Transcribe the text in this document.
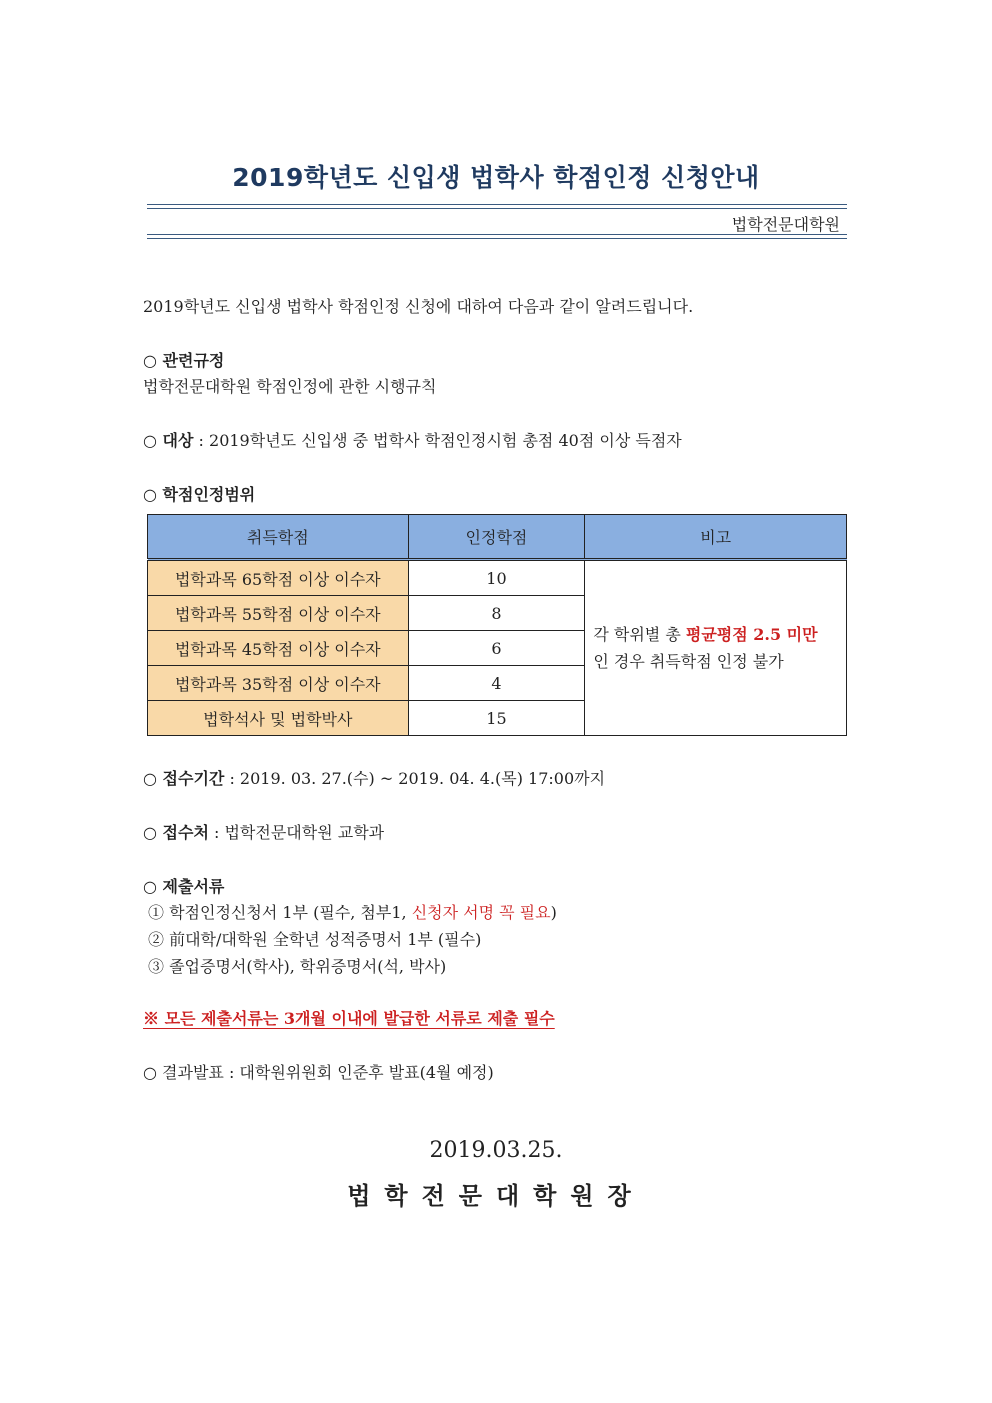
2019학년도 신입생 법학사 학점인정 신청안내
법학전문대학원
2019학년도 신입생 법학사 학점인정 신청에 대하여 다음과 같이 알려드립니다.
○ 관련규정
법학전문대학원 학점인정에 관한 시행규칙
○ 대상 : 2019학년도 신입생 중 법학사 학점인정시험 총점 40점 이상 득점자
○ 학점인정범위
취득학점	인정학점	비고
법학과목 65학점 이상 이수자	10	각 학위별 총 평균평점 2.5 미만
인 경우 취득학점 인정 불가
법학과목 55학점 이상 이수자	8	
법학과목 45학점 이상 이수자	6	
법학과목 35학점 이상 이수자	4	
법학석사 및 법학박사	15	
○ 접수기간 : 2019. 03. 27.(수) ~ 2019. 04. 4.(목) 17:00까지
○ 접수처 : 법학전문대학원 교학과
○ 제출서류
① 학점인정신청서 1부 (필수, 첨부1, 신청자 서명 꼭 필요)
② 前대학/대학원 全학년 성적증명서 1부 (필수)
③ 졸업증명서(학사), 학위증명서(석, 박사)
※ 모든 제출서류는 3개월 이내에 발급한 서류로 제출 필수
○ 결과발표 : 대학원위원회 인준후 발표(4월 예정)
2019.03.25.
법학전문대학원장
